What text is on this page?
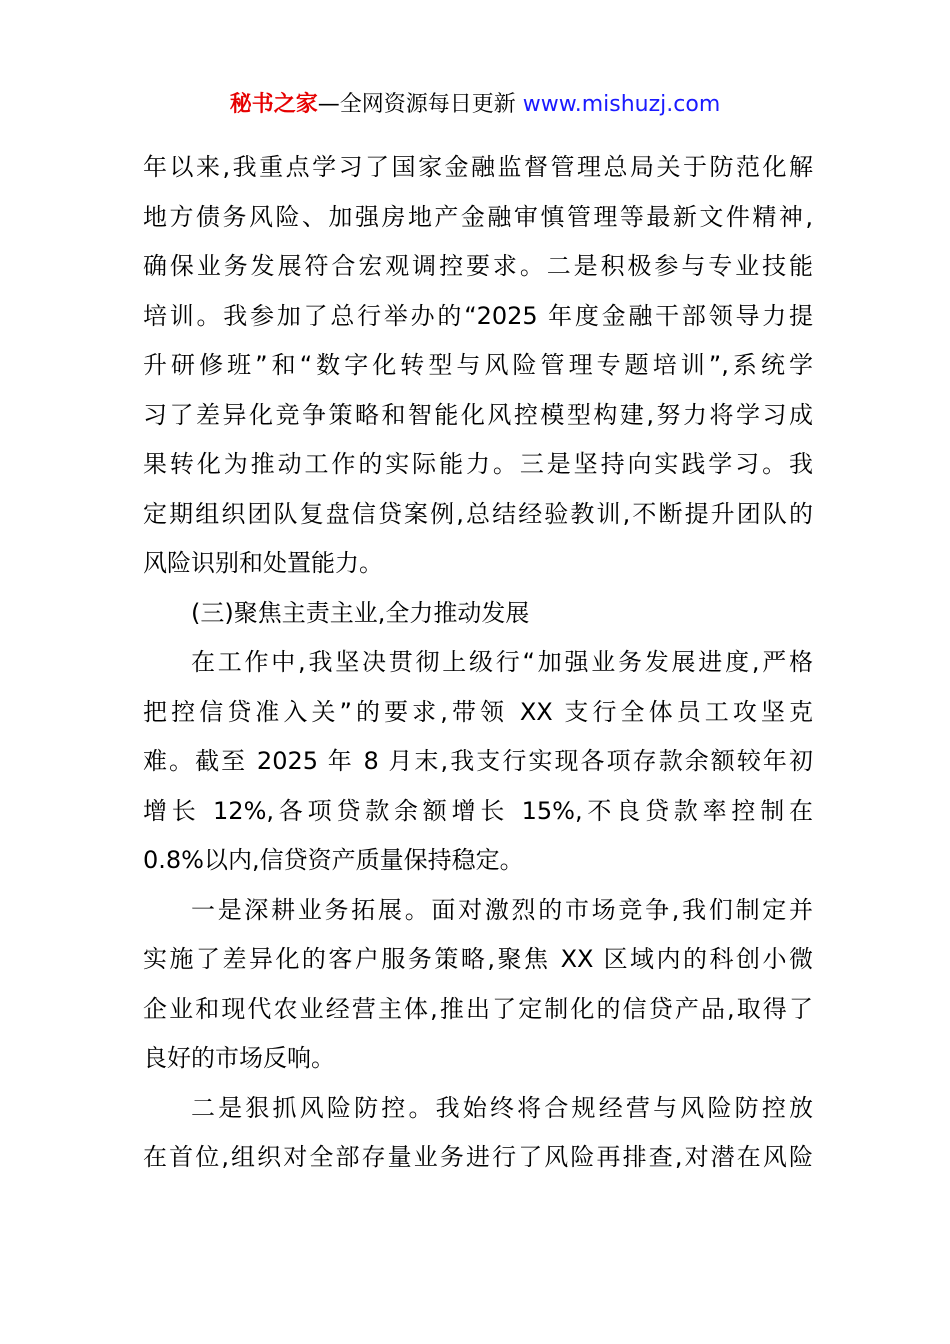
秘书之家—全网资源每日更新 www.mishuzj.com
年以来,我重点学习了国家金融监督管理总局关于防范化解
地方债务风险、加强房地产金融审慎管理等最新文件精神,
确保业务发展符合宏观调控要求。二是积极参与专业技能
培训。我参加了总行举办的“2025 年度金融干部领导力提
升研修班”和“数字化转型与风险管理专题培训”,系统学
习了差异化竞争策略和智能化风控模型构建,努力将学习成
果转化为推动工作的实际能力。三是坚持向实践学习。我
定期组织团队复盘信贷案例,总结经验教训,不断提升团队的
风险识别和处置能力。
(三)聚焦主责主业,全力推动发展
在工作中,我坚决贯彻上级行“加强业务发展进度,严格
把控信贷准入关”的要求,带领 XX 支行全体员工攻坚克
难。截至 2025 年 8 月末,我支行实现各项存款余额较年初
增长 12%,各项贷款余额增长 15%,不良贷款率控制在
0.8%以内,信贷资产质量保持稳定。
一是深耕业务拓展。面对激烈的市场竞争,我们制定并
实施了差异化的客户服务策略,聚焦 XX 区域内的科创小微
企业和现代农业经营主体,推出了定制化的信贷产品,取得了
良好的市场反响。
二是狠抓风险防控。我始终将合规经营与风险防控放
在首位,组织对全部存量业务进行了风险再排查,对潜在风险
